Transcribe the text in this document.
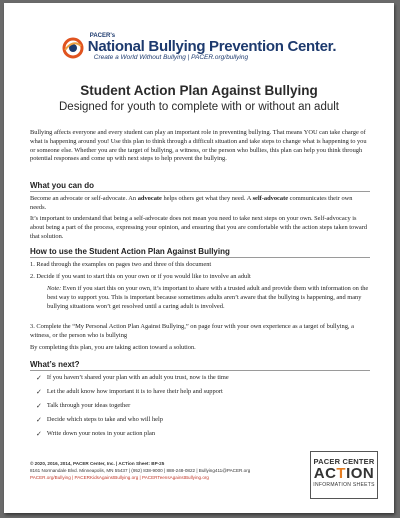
PACER's
National Bullying Prevention Center.
Create a World Without Bullying | PACER.org/bullying
Student Action Plan Against Bullying
Designed for youth to complete with or without an adult
Bullying affects everyone and every student can play an important role in preventing bullying. That means YOU can take charge of what is happening around you! Use this plan to think through a difficult situation and take steps to change what is happening to you or someone else. Whether you are the target of bullying, a witness, or the person who bullies, this plan can help you think through potential responses and come up with next steps to help prevent the bullying.
What you can do
Become an advocate or self-advocate. An advocate helps others get what they need. A self-advocate communicates their own needs.
It’s important to understand that being a self-advocate does not mean you need to take next steps on your own. Self-advocacy is about being a part of the process, expressing your opinion, and ensuring that you are comfortable with the action steps taken toward that solution.
How to use the Student Action Plan Against Bullying
1. Read through the examples on pages two and three of this document
2. Decide if you want to start this on your own or if you would like to involve an adult
Note: Even if you start this on your own, it’s important to share with a trusted adult and provide them with information on the best way to support you. This is important because sometimes adults aren’t aware that the bullying is happening, and many bullying situations won’t get resolved until a caring adult is involved.
3. Complete the “My Personal Action Plan Against Bullying,” on page four with your own experience as a target of bullying, a witness, or the person who is bullying
By completing this plan, you are taking action toward a solution.
What’s next?
✓ If you haven’t shared your plan with an adult you trust, now is the time
✓ Let the adult know how important it is to have their help and support
✓ Talk through your ideas together
✓ Decide which steps to take and who will help
✓ Write down your notes in your action plan
© 2020, 2016, 2014, PACER Center, Inc. | ACTion Sheet: BP-25
8161 Normandale Blvd. Minneapolis, MN 55437 | (952) 838-9000 | 888-248-0822 | Bullying411@PACER.org
PACER.org/Bullying | PACERKidsAgainstBullying.org | PACERTeensAgainstBullying.org
PACER CENTER
ACTION
INFORMATION SHEETS
